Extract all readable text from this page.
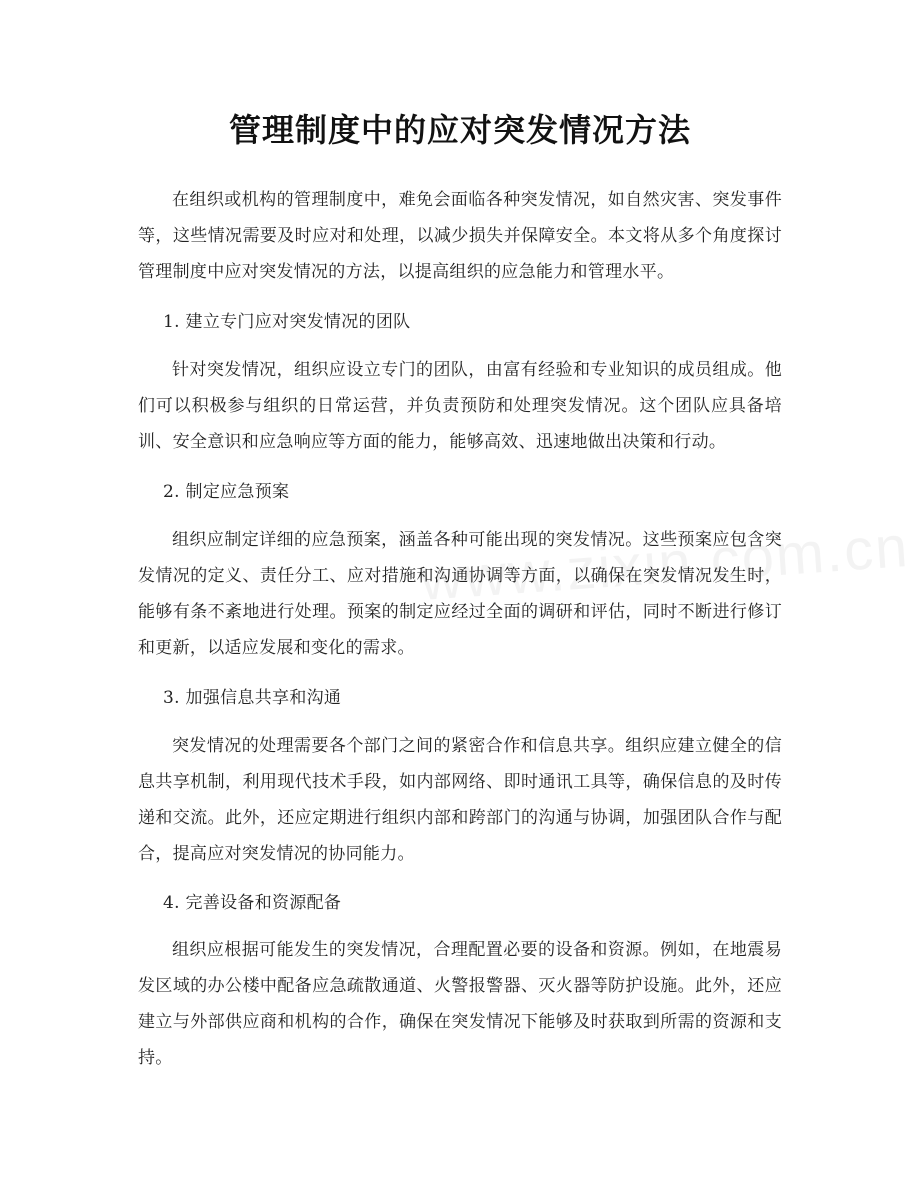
管理制度中的应对突发情况方法

在组织或机构的管理制度中，难免会面临各种突发情况，如自然灾害、突发事件等，这些情况需要及时应对和处理，以减少损失并保障安全。本文将从多个角度探讨管理制度中应对突发情况的方法，以提高组织的应急能力和管理水平。

1. 建立专门应对突发情况的团队

针对突发情况，组织应设立专门的团队，由富有经验和专业知识的成员组成。他们可以积极参与组织的日常运营，并负责预防和处理突发情况。这个团队应具备培训、安全意识和应急响应等方面的能力，能够高效、迅速地做出决策和行动。

2. 制定应急预案

组织应制定详细的应急预案，涵盖各种可能出现的突发情况。这些预案应包含突发情况的定义、责任分工、应对措施和沟通协调等方面，以确保在突发情况发生时，能够有条不紊地进行处理。预案的制定应经过全面的调研和评估，同时不断进行修订和更新，以适应发展和变化的需求。

3. 加强信息共享和沟通

突发情况的处理需要各个部门之间的紧密合作和信息共享。组织应建立健全的信息共享机制，利用现代技术手段，如内部网络、即时通讯工具等，确保信息的及时传递和交流。此外，还应定期进行组织内部和跨部门的沟通与协调，加强团队合作与配合，提高应对突发情况的协同能力。

4. 完善设备和资源配备

组织应根据可能发生的突发情况，合理配置必要的设备和资源。例如，在地震易发区域的办公楼中配备应急疏散通道、火警报警器、灭火器等防护设施。此外，还应建立与外部供应商和机构的合作，确保在突发情况下能够及时获取到所需的资源和支持。
